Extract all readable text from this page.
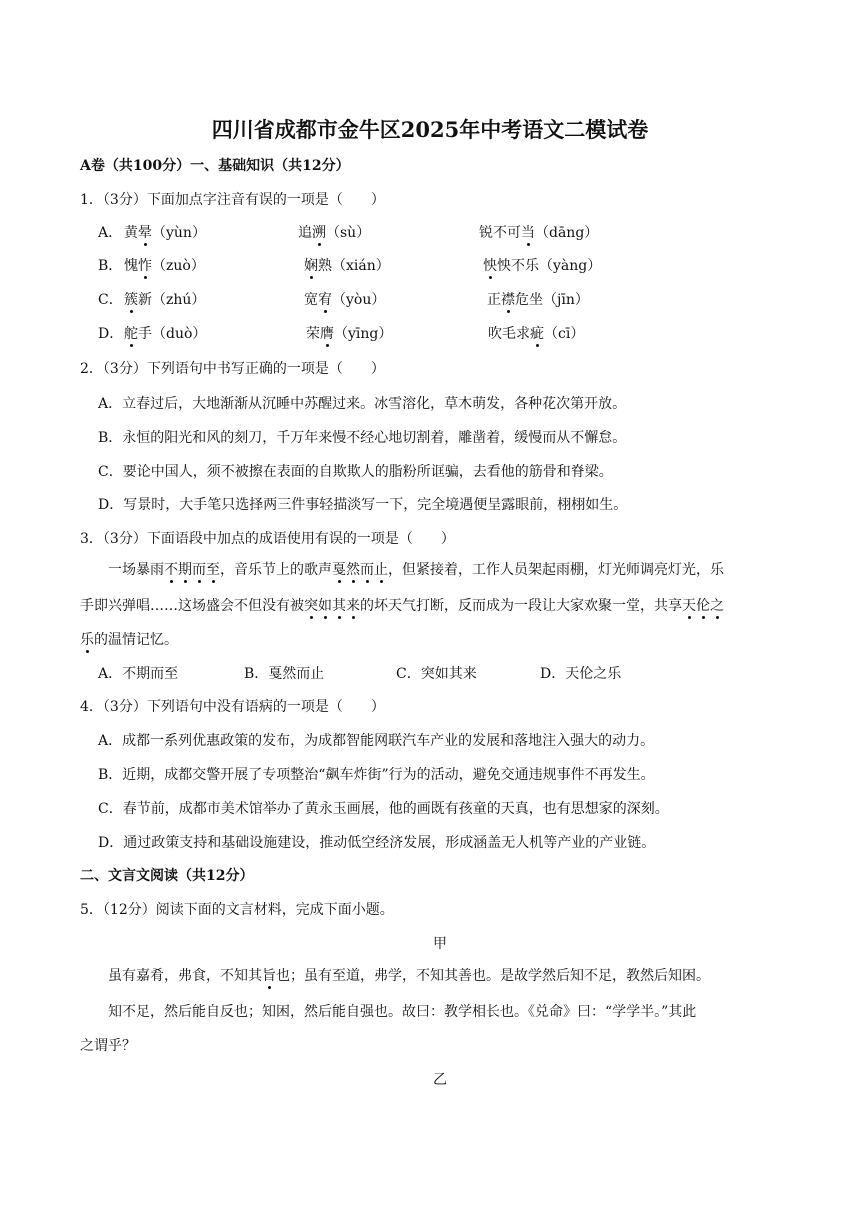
四川省成都市金牛区2025年中考语文二模试卷
A卷（共100分）一、基础知识（共12分）
1．（3分）下面加点字注音有误的一项是（　　）
A． 黄晕（yùn）	追溯（sù）	锐不可当（dāng）
B． 愧怍（zuò）	娴熟（xián）	怏怏不乐（yàng）
C． 簇新（zhú）	宽宥（yòu）	正襟危坐（jīn）
D． 舵手（duò）	荣膺（yīng）	吹毛求疵（cī）
2．（3分）下列语句中书写正确的一项是（　　）
A．立春过后，大地渐渐从沉睡中苏醒过来。冰雪溶化，草木萌发，各种花次第开放。
B．永恒的阳光和风的刻刀，千万年来慢不经心地切割着，雕凿着，缓慢而从不懈怠。
C．要论中国人，须不被擦在表面的自欺欺人的脂粉所诓骗，去看他的筋骨和脊梁。
D．写景时，大手笔只选择两三件事轻描淡写一下，完全境遇便呈露眼前，栩栩如生。
3．（3分）下面语段中加点的成语使用有误的一项是（　　）
一场暴雨不期而至，音乐节上的歌声戛然而止，但紧接着，工作人员架起雨棚，灯光师调亮灯光，乐
手即兴弹唱……这场盛会不但没有被突如其来的坏天气打断，反而成为一段让大家欢聚一堂，共享天伦之
乐的温情记忆。
A．不期而至	B．戛然而止	C．突如其来	D．天伦之乐
4．（3分）下列语句中没有语病的一项是（　　）
A．成都一系列优惠政策的发布，为成都智能网联汽车产业的发展和落地注入强大的动力。
B．近期，成都交警开展了专项整治“飙车炸街”行为的活动，避免交通违规事件不再发生。
C．春节前，成都市美术馆举办了黄永玉画展，他的画既有孩童的天真，也有思想家的深刻。
D．通过政策支持和基础设施建设，推动低空经济发展，形成涵盖无人机等产业的产业链。
二、文言文阅读（共12分）
5．（12分）阅读下面的文言材料，完成下面小题。
甲
虽有嘉肴，弗食，不知其旨也；虽有至道，弗学，不知其善也。是故学然后知不足，教然后知困。
知不足，然后能自反也；知困，然后能自强也。故曰：教学相长也。《兑命》曰：“学学半。”其此
之谓乎？
乙
